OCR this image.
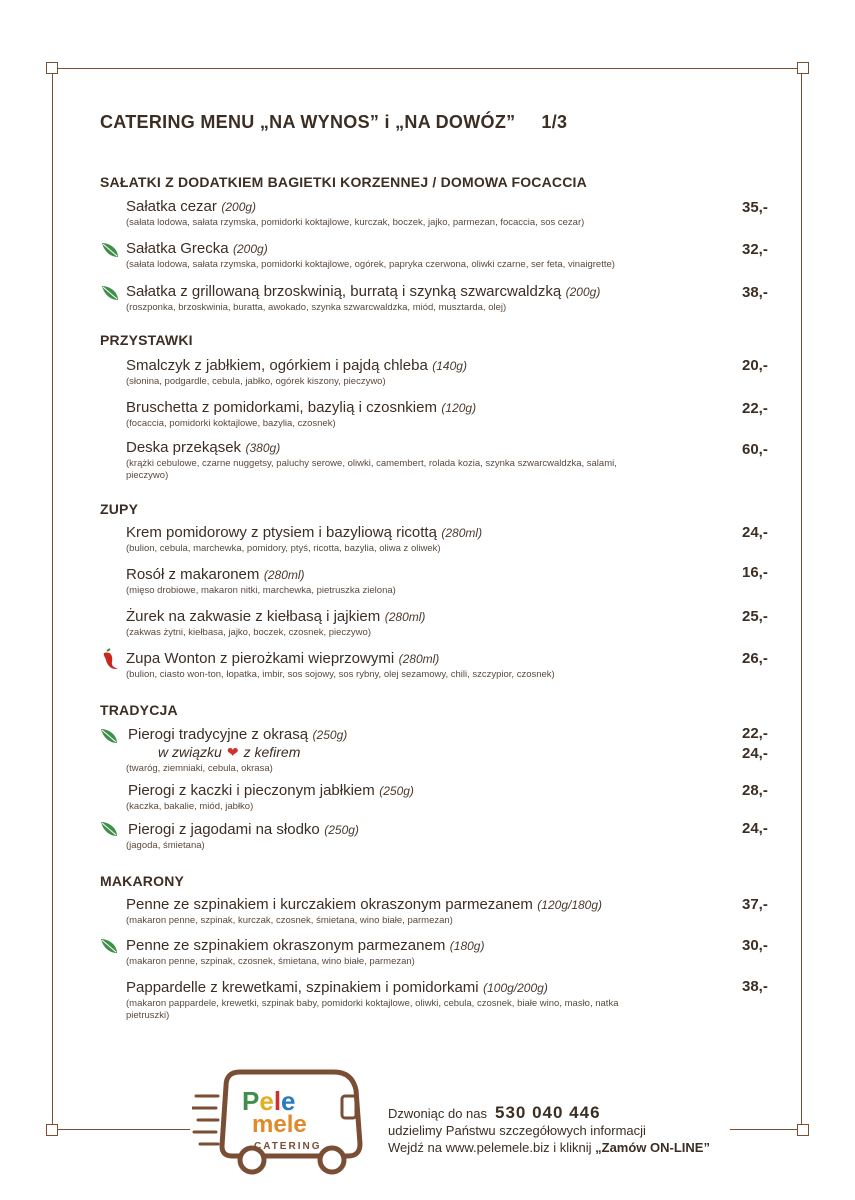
CATERING MENU „NA WYNOS” i „NA DOWÓZ” 1/3
SAŁATKI Z DODATKIEM BAGIETKI KORZENNEJ / DOMOWA FOCACCIA
Sałatka cezar (200g)
(sałata lodowa, sałata rzymska, pomidorki koktajlowe, kurczak, boczek, jajko, parmezan, focaccia, sos cezar)
35,-
Sałatka Grecka (200g)
(sałata lodowa, sałata rzymska, pomidorki koktajlowe, ogórek, papryka czerwona, oliwki czarne, ser feta, vinaigrette)
32,-
Sałatka z grillowaną brzoskwinią, burratą i szynką szwarcwaldzką (200g)
(roszponka, brzoskwinia, buratta, awokado, szynka szwarcwaldzka, miód, musztarda, olej)
38,-
PRZYSTAWKI
Smalczyk z jabłkiem, ogórkiem i pajdą chleba (140g)
(słonina, podgardle, cebula, jabłko, ogórek kiszony, pieczywo)
20,-
Bruschetta z pomidorkami, bazylią i czosnkiem (120g)
(focaccia, pomidorki koktajlowe, bazylia, czosnek)
22,-
Deska przekąsek (380g)
(krążki cebulowe, czarne nuggetsy, paluchy serowe, oliwki, camembert, rolada kozia, szynka szwarcwaldzka, salami, pieczywo)
60,-
ZUPY
Krem pomidorowy z ptysiem i bazyliową ricottą (280ml)
(bulion, cebula, marchewka, pomidory, ptyś, ricotta, bazylia, oliwa z oliwek)
24,-
Rosół z makaronem (280ml)
(mięso drobiowe, makaron nitki, marchewka, pietruszka zielona)
16,-
Żurek na zakwasie z kiełbasą i jajkiem (280ml)
(zakwas żytni, kiełbasa, jajko, boczek, czosnek, pieczywo)
25,-
Zupa Wonton z pierożkami wieprzowymi (280ml)
(bulion, ciasto won-ton, łopatka, imbir, sos sojowy, sos rybny, olej sezamowy, chili, szczypior, czosnek)
26,-
TRADYCJA
Pierogi tradycyjne z okrasą (250g)
w związku ❤ z kefirem
(twaróg, ziemniaki, cebula, okrasa)
22,-
24,-
Pierogi z kaczki i pieczonym jabłkiem (250g)
(kaczka, bakalie, miód, jabłko)
28,-
Pierogi z jagodami na słodko (250g)
(jagoda, śmietana)
24,-
MAKARONY
Penne ze szpinakiem i kurczakiem okraszonym parmezanem (120g/180g)
(makaron penne, szpinak, kurczak, czosnek, śmietana, wino białe, parmezan)
37,-
Penne ze szpinakiem okraszonym parmezanem (180g)
(makaron penne, szpinak, czosnek, śmietana, wino białe, parmezan)
30,-
Pappardelle z krewetkami, szpinakiem i pomidorkami (100g/200g)
(makaron pappardele, krewetki, szpinak baby, pomidorki koktajlowe, oliwki, cebula, czosnek, białe wino, masło, natka pietruszki)
38,-
Pele
mele
CATERING
Dzwoniąc do nas 530 040 446
udzielimy Państwu szczegółowych informacji
Wejdź na www.pelemele.biz i kliknij „Zamów ON-LINE”
